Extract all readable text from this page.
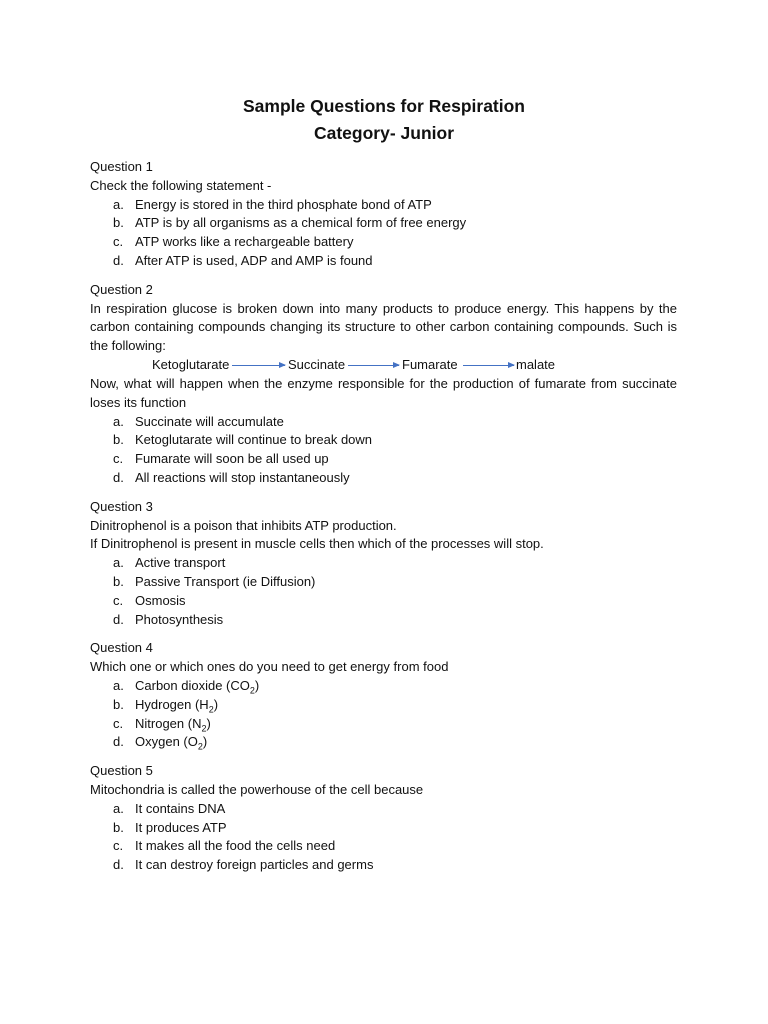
Sample Questions for Respiration
Category- Junior

Question 1

Check the following statement -

a. Energy is stored in the third phosphate bond of ATP
b. ATP is by all organisms as a chemical form of free energy
c. ATP works like a rechargeable battery
d. After ATP is used, ADP and AMP is found

Question 2

In respiration glucose is broken down into many products to produce energy. This happens by the carbon containing compounds changing its structure to other carbon containing compounds. Such is the following:

Ketoglutarate	Succinate	Fumarate	malate

Now, what will happen when the enzyme responsible for the production of fumarate from succinate loses its function

a. Succinate will accumulate
b. Ketoglutarate will continue to break down
c. Fumarate will soon be all used up
d. All reactions will stop instantaneously

Question 3

Dinitrophenol is a poison that inhibits ATP production.

If Dinitrophenol is present in muscle cells then which of the processes will stop.

a. Active transport
b. Passive Transport (ie Diffusion)
c. Osmosis
d. Photosynthesis

Question 4

Which one or which ones do you need to get energy from food

a. Carbon dioxide $(CO_2)$
b. Hydrogen $(H_2)$
c. Nitrogen $(N_2)$
d. Oxygen $(O_2)$

Question 5

Mitochondria is called the powerhouse of the cell because

a. It contains DNA
b. It produces ATP
c. It makes all the food the cells need
d. It can destroy foreign particles and germs
